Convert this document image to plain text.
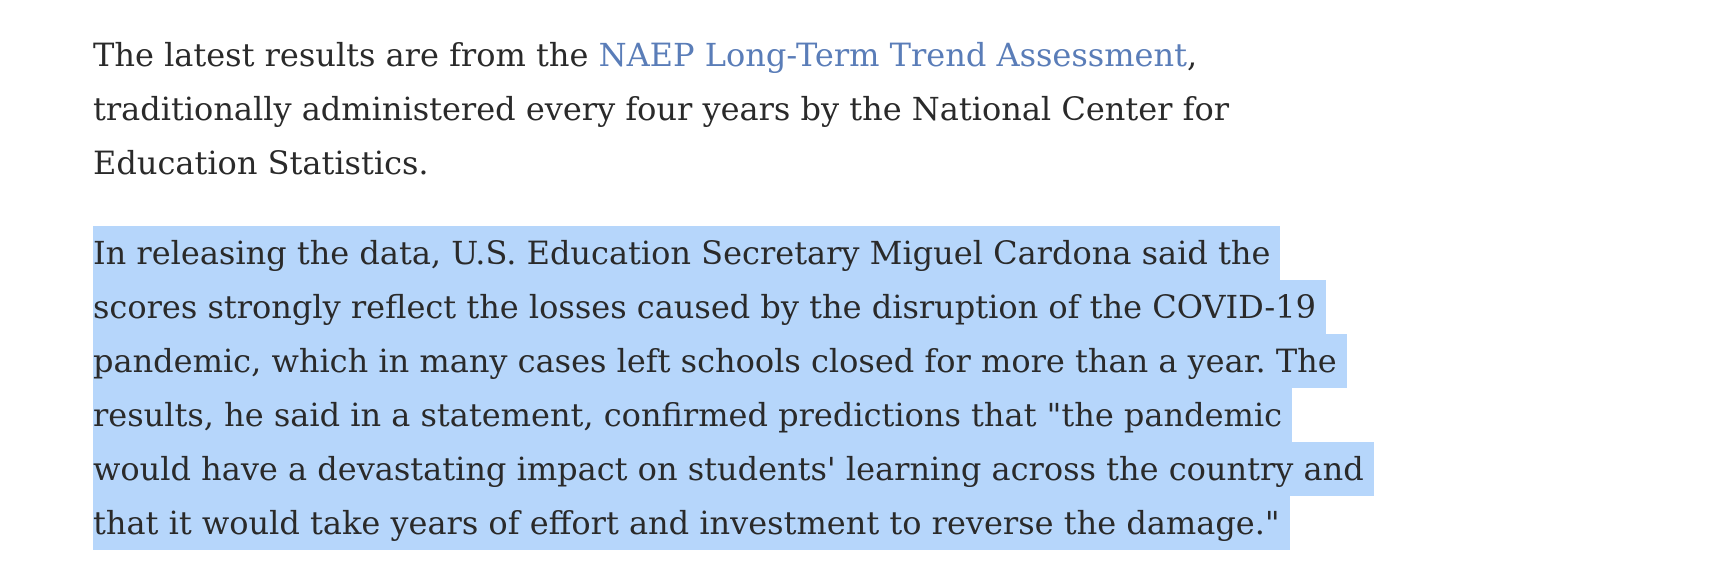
The latest results are from the NAEP Long-Term Trend Assessment,
traditionally administered every four years by the National Center for
Education Statistics.

In releasing the data, U.S. Education Secretary Miguel Cardona said the
scores strongly reflect the losses caused by the disruption of the COVID-19
pandemic, which in many cases left schools closed for more than a year. The
results, he said in a statement, confirmed predictions that "the pandemic
would have a devastating impact on students' learning across the country and
that it would take years of effort and investment to reverse the damage."
